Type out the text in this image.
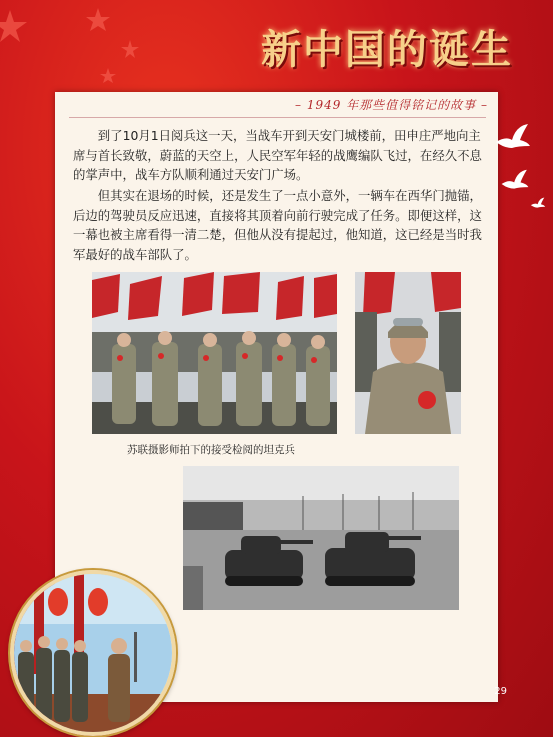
新中国的诞生
– 1949 年那些值得铭记的故事 –

到了10月1日阅兵这一天，当战车开到天安门城楼前，田申庄严地向主席与首长致敬，蔚蓝的天空上，人民空军年轻的战鹰编队飞过，在经久不息的掌声中，战车方队顺利通过天安门广场。

但其实在退场的时候，还是发生了一点小意外，一辆车在西华门抛锚，后边的驾驶员反应迅速，直接将其顶着向前行驶完成了任务。即便这样，这一幕也被主席看得一清二楚，但他从没有提起过，他知道，这已经是当时我军最好的战车部队了。

苏联摄影师拍下的接受检阅的坦克兵
29
